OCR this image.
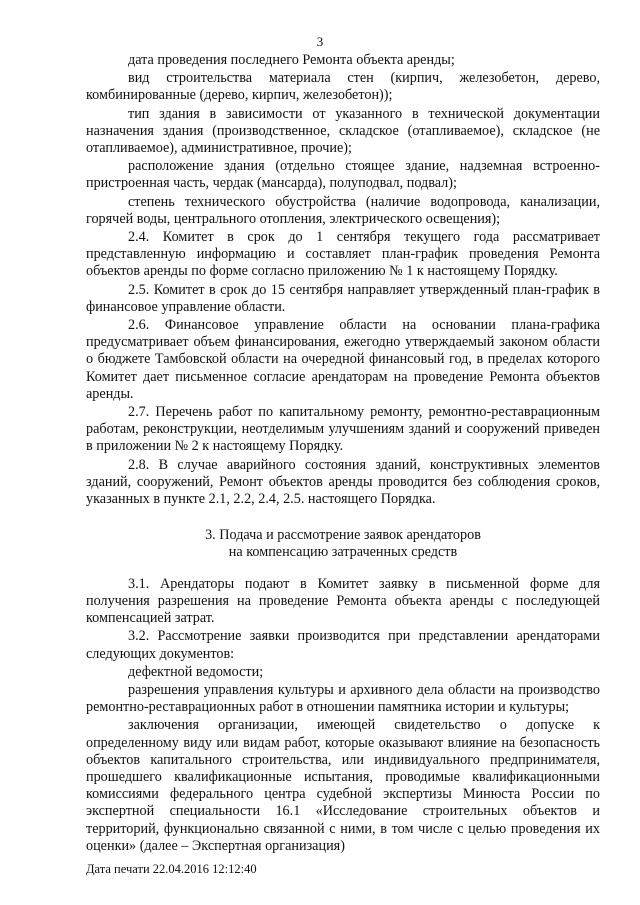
3

дата проведения последнего Ремонта объекта аренды;

вид строительства материала стен (кирпич, железобетон, дерево, комбинированные (дерево, кирпич, железобетон));

тип здания в зависимости от указанного в технической документации назначения здания (производственное, складское (отапливаемое), складское (не отапливаемое), административное, прочие);

расположение здания (отдельно стоящее здание, надземная встроенно-пристроенная часть, чердак (мансарда), полуподвал, подвал);

степень технического обустройства (наличие водопровода, канализации, горячей воды, центрального отопления, электрического освещения);

2.4. Комитет в срок до 1 сентября текущего года рассматривает представленную информацию и составляет план-график проведения Ремонта объектов аренды по форме согласно приложению № 1 к настоящему Порядку.

2.5. Комитет в срок до 15 сентября направляет утвержденный план-график в финансовое управление области.

2.6. Финансовое управление области на основании плана-графика предусматривает объем финансирования, ежегодно утверждаемый законом области о бюджете Тамбовской области на очередной финансовый год, в пределах которого Комитет дает письменное согласие арендаторам на проведение Ремонта объектов аренды.

2.7. Перечень работ по капитальному ремонту, ремонтно-реставрационным работам, реконструкции, неотделимым улучшениям зданий и сооружений приведен в приложении № 2 к настоящему Порядку.

2.8. В случае аварийного состояния зданий, конструктивных элементов зданий, сооружений, Ремонт объектов аренды проводится без соблюдения сроков, указанных в пункте 2.1, 2.2, 2.4, 2.5. настоящего Порядка.

3. Подача и рассмотрение заявок арендаторов
на компенсацию затраченных средств

3.1. Арендаторы подают в Комитет заявку в письменной форме для получения разрешения на проведение Ремонта объекта аренды с последующей компенсацией затрат.

3.2. Рассмотрение заявки производится при представлении арендаторами следующих документов:

дефектной ведомости;

разрешения управления культуры и архивного дела области на производство ремонтно-реставрационных работ в отношении памятника истории и культуры;

заключения организации, имеющей свидетельство о допуске к определенному виду или видам работ, которые оказывают влияние на безопасность объектов капитального строительства, или индивидуального предпринимателя, прошедшего квалификационные испытания, проводимые квалификационными комиссиями федерального центра судебной экспертизы Минюста России по экспертной специальности 16.1 «Исследование строительных объектов и территорий, функционально связанной с ними, в том числе с целью проведения их оценки» (далее – Экспертная организация)

Дата печати 22.04.2016 12:12:40
